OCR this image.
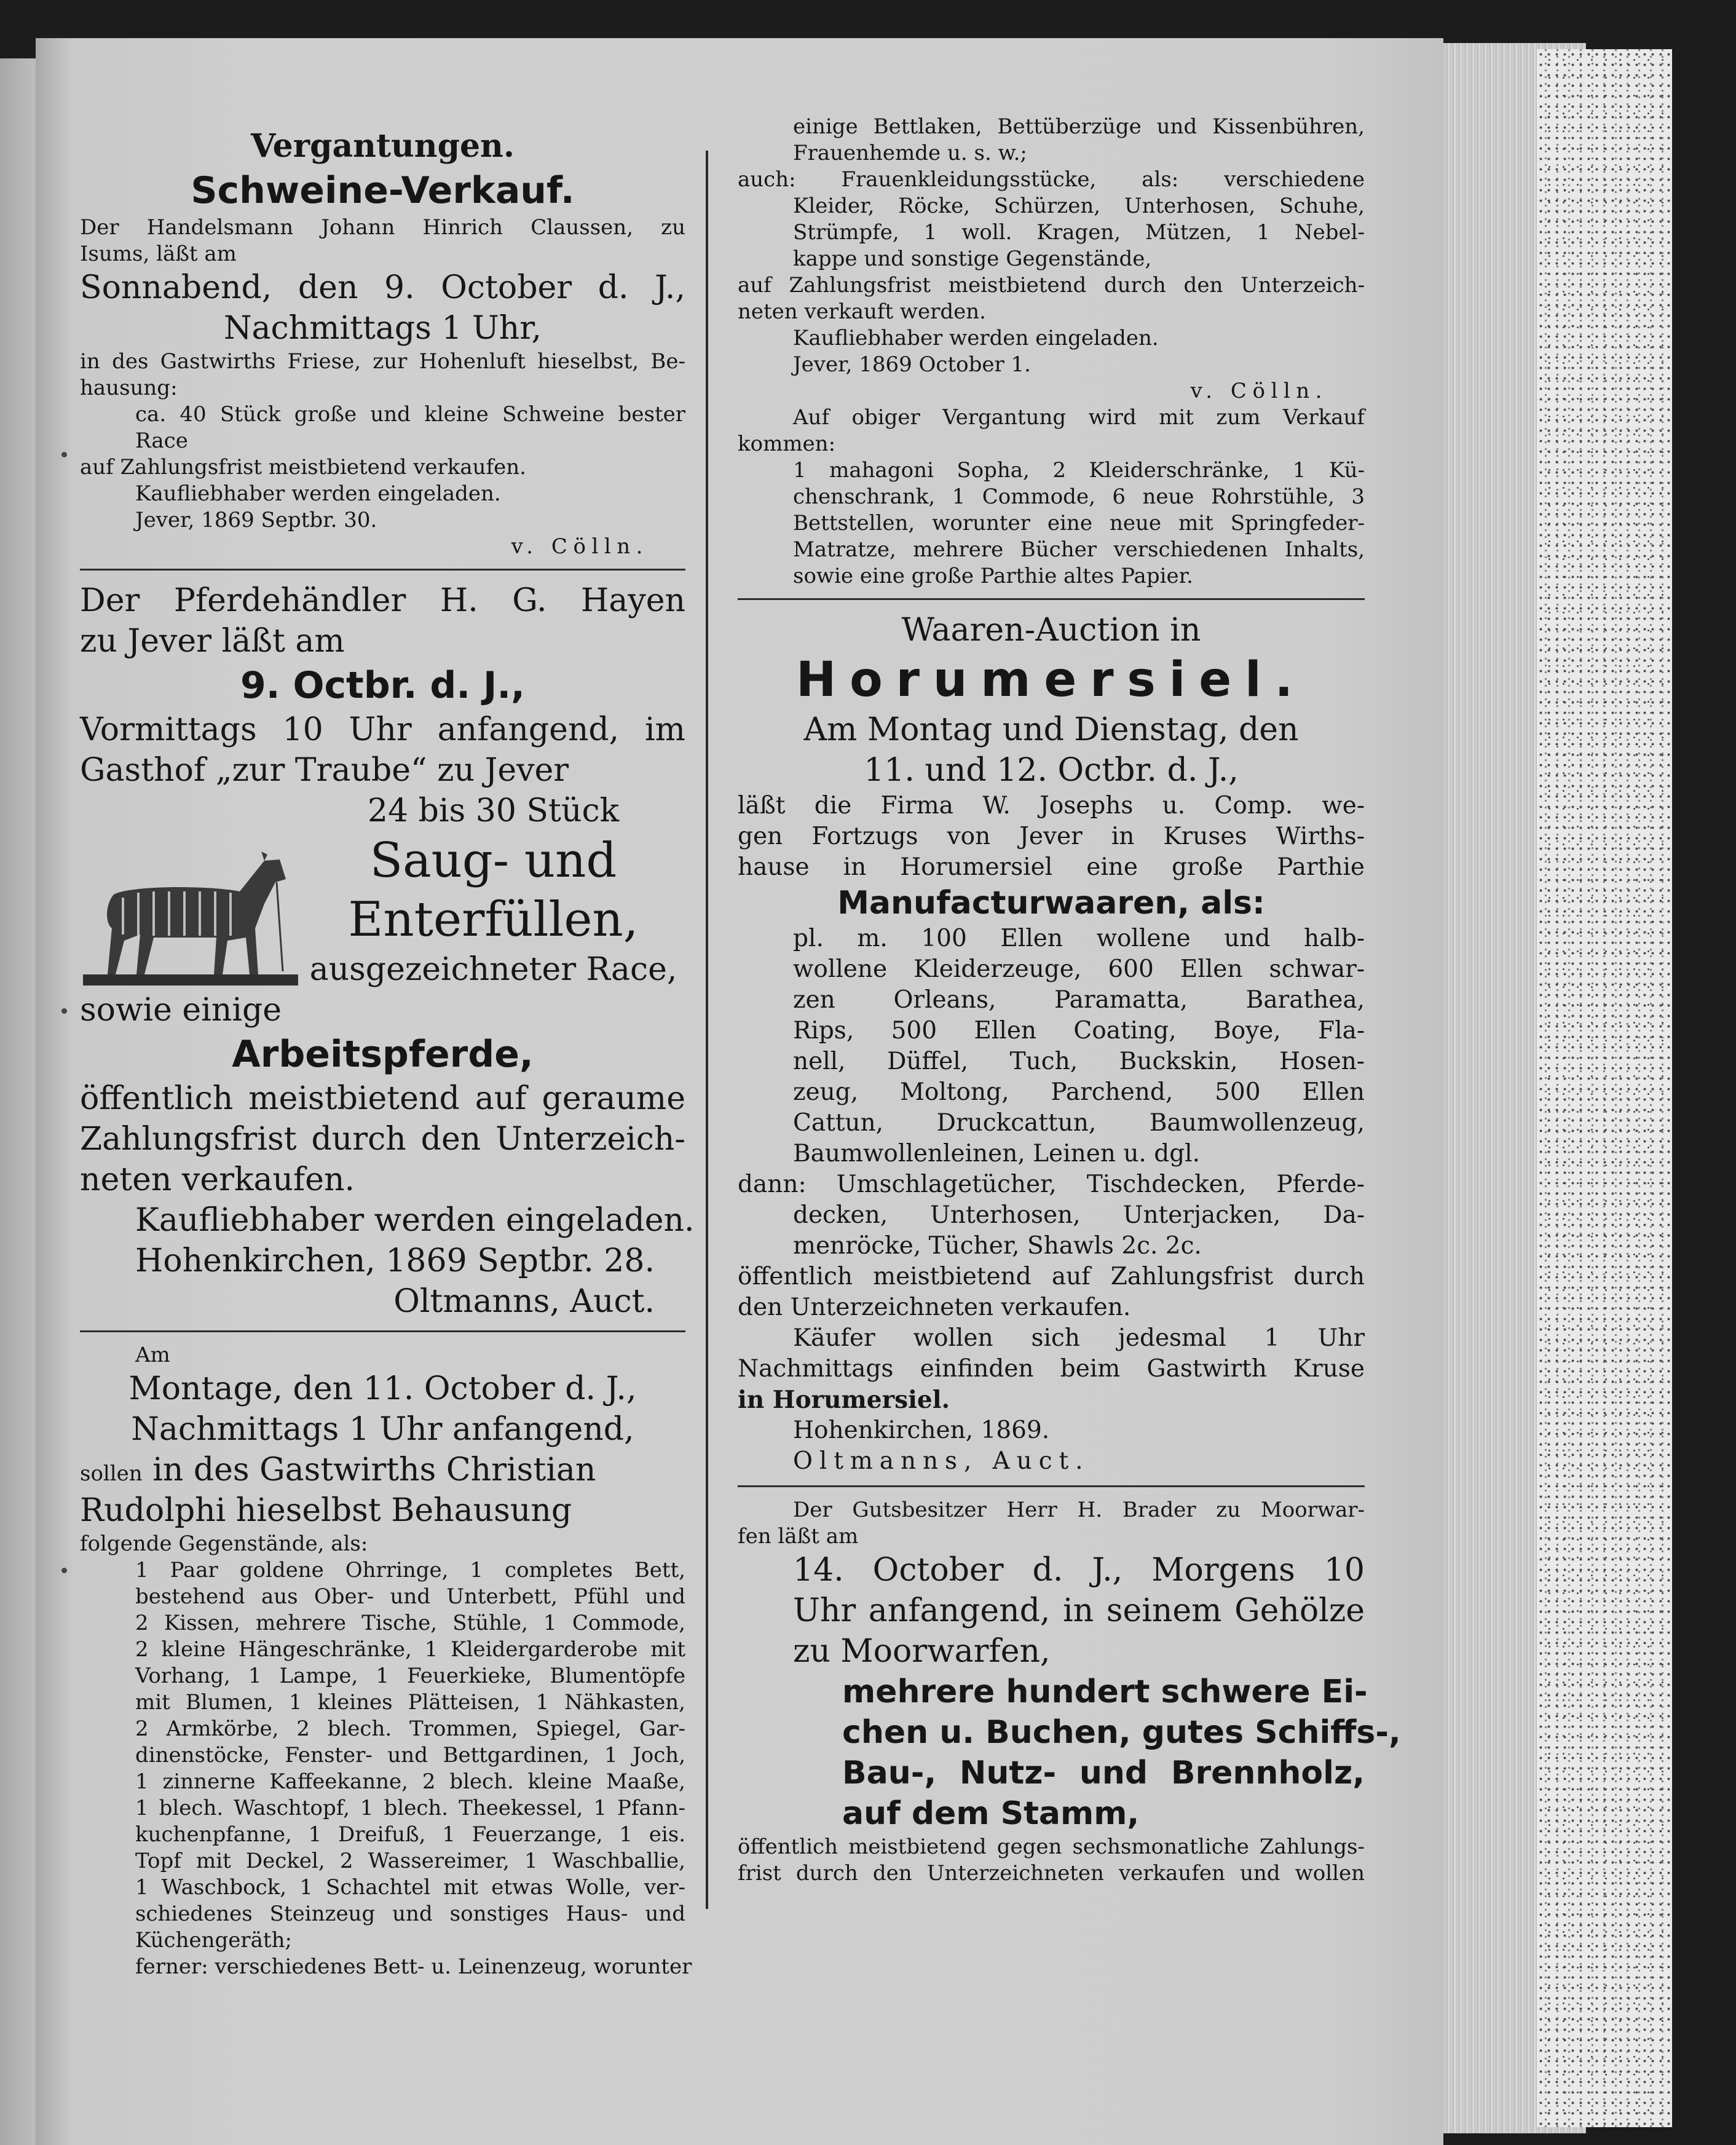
Vergantungen.
Schweine-Verkauf.
Der Handelsmann Johann Hinrich Claussen, zu
Isums, läßt am
Sonnabend, den 9. October d. J.,
Nachmittags 1 Uhr,
in des Gastwirths Friese, zur Hohenluft hieselbst, Be-
hausung:
ca. 40 Stück große und kleine Schweine bester
Race
auf Zahlungsfrist meistbietend verkaufen.
Kaufliebhaber werden eingeladen.
Jever, 1869 Septbr. 30.
v. Cölln.
Der Pferdehändler H. G. Hayen
zu Jever läßt am
9. Octbr. d. J.,
Vormittags 10 Uhr anfangend, im
Gasthof „zur Traube“ zu Jever
24 bis 30 Stück
Saug- und
Enterfüllen,
ausgezeichneter Race,
sowie einige
Arbeitspferde,
öffentlich meistbietend auf geraume
Zahlungsfrist durch den Unterzeich-
neten verkaufen.
Kaufliebhaber werden eingeladen.
Hohenkirchen, 1869 Septbr. 28.
Oltmanns, Auct.
Am
Montage, den 11. October d. J.,
Nachmittags 1 Uhr anfangend,
sollen in des Gastwirths Christian
Rudolphi hieselbst Behausung
folgende Gegenstände, als:
1 Paar goldene Ohrringe, 1 completes Bett,
bestehend aus Ober- und Unterbett, Pfühl und
2 Kissen, mehrere Tische, Stühle, 1 Commode,
2 kleine Hängeschränke, 1 Kleidergarderobe mit
Vorhang, 1 Lampe, 1 Feuerkieke, Blumentöpfe
mit Blumen, 1 kleines Plätteisen, 1 Nähkasten,
2 Armkörbe, 2 blech. Trommen, Spiegel, Gar-
dinenstöcke, Fenster- und Bettgardinen, 1 Joch,
1 zinnerne Kaffeekanne, 2 blech. kleine Maaße,
1 blech. Waschtopf, 1 blech. Theekessel, 1 Pfann-
kuchenpfanne, 1 Dreifuß, 1 Feuerzange, 1 eis.
Topf mit Deckel, 2 Wassereimer, 1 Waschballie,
1 Waschbock, 1 Schachtel mit etwas Wolle, ver-
schiedenes Steinzeug und sonstiges Haus- und
Küchengeräth;
ferner: verschiedenes Bett- u. Leinenzeug, worunter
einige Bettlaken, Bettüberzüge und Kissenbühren,
Frauenhemde u. s. w.;
auch: Frauenkleidungsstücke, als: verschiedene
Kleider, Röcke, Schürzen, Unterhosen, Schuhe,
Strümpfe, 1 woll. Kragen, Mützen, 1 Nebel-
kappe und sonstige Gegenstände,
auf Zahlungsfrist meistbietend durch den Unterzeich-
neten verkauft werden.
Kaufliebhaber werden eingeladen.
Jever, 1869 October 1.
v. Cölln.
Auf obiger Vergantung wird mit zum Verkauf
kommen:
1 mahagoni Sopha, 2 Kleiderschränke, 1 Kü-
chenschrank, 1 Commode, 6 neue Rohrstühle, 3
Bettstellen, worunter eine neue mit Springfeder-
Matratze, mehrere Bücher verschiedenen Inhalts,
sowie eine große Parthie altes Papier.
Waaren-Auction in
Horumersiel.
Am Montag und Dienstag, den
11. und 12. Octbr. d. J.,
läßt die Firma W. Josephs u. Comp. we-
gen Fortzugs von Jever in Kruses Wirths-
hause in Horumersiel eine große Parthie
Manufacturwaaren, als:
pl. m. 100 Ellen wollene und halb-
wollene Kleiderzeuge, 600 Ellen schwar-
zen Orleans, Paramatta, Barathea,
Rips, 500 Ellen Coating, Boye, Fla-
nell, Düffel, Tuch, Buckskin, Hosen-
zeug, Moltong, Parchend, 500 Ellen
Cattun, Druckcattun, Baumwollenzeug,
Baumwollenleinen, Leinen u. dgl.
dann: Umschlagetücher, Tischdecken, Pferde-
decken, Unterhosen, Unterjacken, Da-
menröcke, Tücher, Shawls 2c. 2c.
öffentlich meistbietend auf Zahlungsfrist durch
den Unterzeichneten verkaufen.
Käufer wollen sich jedesmal 1 Uhr
Nachmittags einfinden beim Gastwirth Kruse
in Horumersiel.
Hohenkirchen, 1869.
Oltmanns, Auct.
Der Gutsbesitzer Herr H. Brader zu Moorwar-
fen läßt am
14. October d. J., Morgens 10
Uhr anfangend, in seinem Gehölze
zu Moorwarfen,
mehrere hundert schwere Ei-
chen u. Buchen, gutes Schiffs-,
Bau-, Nutz- und Brennholz,
auf dem Stamm,
öffentlich meistbietend gegen sechsmonatliche Zahlungs-
frist durch den Unterzeichneten verkaufen und wollen
